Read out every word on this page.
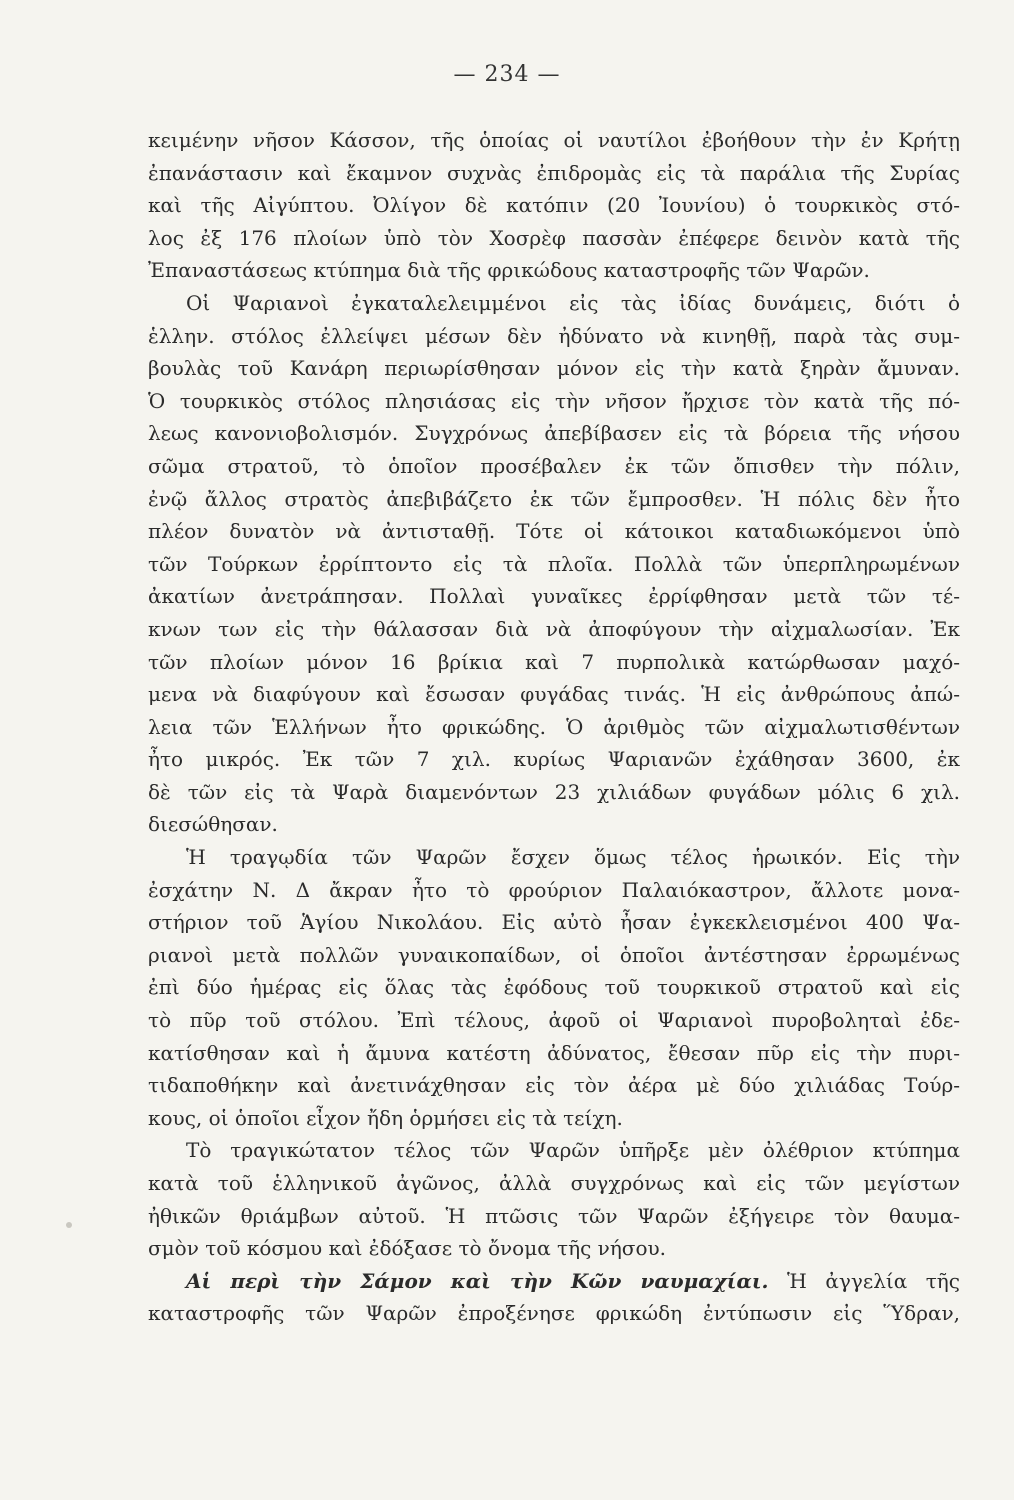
— 234 —
κειμένην νῆσον Κάσσον, τῆς ὁποίας οἱ ναυτίλοι ἐβοήθουν τὴν ἐν Κρήτῃ
ἐπανάστασιν καὶ ἔκαμνον συχνὰς ἐπιδρομὰς εἰς τὰ παράλια τῆς Συρίας
καὶ τῆς Αἰγύπτου. Ὀλίγον δὲ κατόπιν (20 Ἰουνίου) ὁ τουρκικὸς στό-
λος ἐξ 176 πλοίων ὑπὸ τὸν Χοσρὲφ πασσὰν ἐπέφερε δεινὸν κατὰ τῆς
Ἐπαναστάσεως κτύπημα διὰ τῆς φρικώδους καταστροφῆς τῶν Ψαρῶν.
Οἱ Ψαριανοὶ ἐγκαταλελειμμένοι εἰς τὰς ἰδίας δυνάμεις, διότι ὁ
ἑλλην. στόλος ἐλλείψει μέσων δὲν ἠδύνατο νὰ κινηθῇ, παρὰ τὰς συμ-
βουλὰς τοῦ Κανάρη περιωρίσθησαν μόνον εἰς τὴν κατὰ ξηρὰν ἄμυναν.
Ὁ τουρκικὸς στόλος πλησιάσας εἰς τὴν νῆσον ἤρχισε τὸν κατὰ τῆς πό-
λεως κανονιοβολισμόν. Συγχρόνως ἀπεβίβασεν εἰς τὰ βόρεια τῆς νήσου
σῶμα στρατοῦ, τὸ ὁποῖον προσέβαλεν ἐκ τῶν ὄπισθεν τὴν πόλιν,
ἐνῷ ἄλλος στρατὸς ἀπεβιβάζετο ἐκ τῶν ἔμπροσθεν. Ἡ πόλις δὲν ἦτο
πλέον δυνατὸν νὰ ἀντισταθῇ. Τότε οἱ κάτοικοι καταδιωκόμενοι ὑπὸ
τῶν Τούρκων ἐρρίπτοντο εἰς τὰ πλοῖα. Πολλὰ τῶν ὑπερπληρωμένων
ἀκατίων ἀνετράπησαν. Πολλαὶ γυναῖκες ἐρρίφθησαν μετὰ τῶν τέ-
κνων των εἰς τὴν θάλασσαν διὰ νὰ ἀποφύγουν τὴν αἰχμαλωσίαν. Ἐκ
τῶν πλοίων μόνον 16 βρίκια καὶ 7 πυρπολικὰ κατώρθωσαν μαχό-
μενα νὰ διαφύγουν καὶ ἔσωσαν φυγάδας τινάς. Ἡ εἰς ἀνθρώπους ἀπώ-
λεια τῶν Ἑλλήνων ἦτο φρικώδης. Ὁ ἀριθμὸς τῶν αἰχμαλωτισθέντων
ἦτο μικρός. Ἐκ τῶν 7 χιλ. κυρίως Ψαριανῶν ἐχάθησαν 3600, ἐκ
δὲ τῶν εἰς τὰ Ψαρὰ διαμενόντων 23 χιλιάδων φυγάδων μόλις 6 χιλ.
διεσώθησαν.
Ἡ τραγῳδία τῶν Ψαρῶν ἔσχεν ὅμως τέλος ἡρωικόν. Εἰς τὴν
ἐσχάτην Ν. Δ ἄκραν ἦτο τὸ φρούριον Παλαιόκαστρον, ἄλλοτε μονα-
στήριον τοῦ Ἁγίου Νικολάου. Εἰς αὐτὸ ἦσαν ἐγκεκλεισμένοι 400 Ψα-
ριανοὶ μετὰ πολλῶν γυναικοπαίδων, οἱ ὁποῖοι ἀντέστησαν ἐρρωμένως
ἐπὶ δύο ἡμέρας εἰς ὅλας τὰς ἐφόδους τοῦ τουρκικοῦ στρατοῦ καὶ εἰς
τὸ πῦρ τοῦ στόλου. Ἐπὶ τέλους, ἀφοῦ οἱ Ψαριανοὶ πυροβοληταὶ ἐδε-
κατίσθησαν καὶ ἡ ἄμυνα κατέστη ἀδύνατος, ἔθεσαν πῦρ εἰς τὴν πυρι-
τιδαποθήκην καὶ ἀνετινάχθησαν εἰς τὸν ἀέρα μὲ δύο χιλιάδας Τούρ-
κους, οἱ ὁποῖοι εἶχον ἤδη ὁρμήσει εἰς τὰ τείχη.
Τὸ τραγικώτατον τέλος τῶν Ψαρῶν ὑπῆρξε μὲν ὀλέθριον κτύπημα
κατὰ τοῦ ἑλληνικοῦ ἀγῶνος, ἀλλὰ συγχρόνως καὶ εἰς τῶν μεγίστων
ἠθικῶν θριάμβων αὐτοῦ. Ἡ πτῶσις τῶν Ψαρῶν ἐξήγειρε τὸν θαυμα-
σμὸν τοῦ κόσμου καὶ ἐδόξασε τὸ ὄνομα τῆς νήσου.
Αἱ περὶ τὴν Σάμον καὶ τὴν Κῶν ναυμαχίαι. Ἡ ἀγγελία τῆς
καταστροφῆς τῶν Ψαρῶν ἐπροξένησε φρικώδη ἐντύπωσιν εἰς Ὕδραν,
